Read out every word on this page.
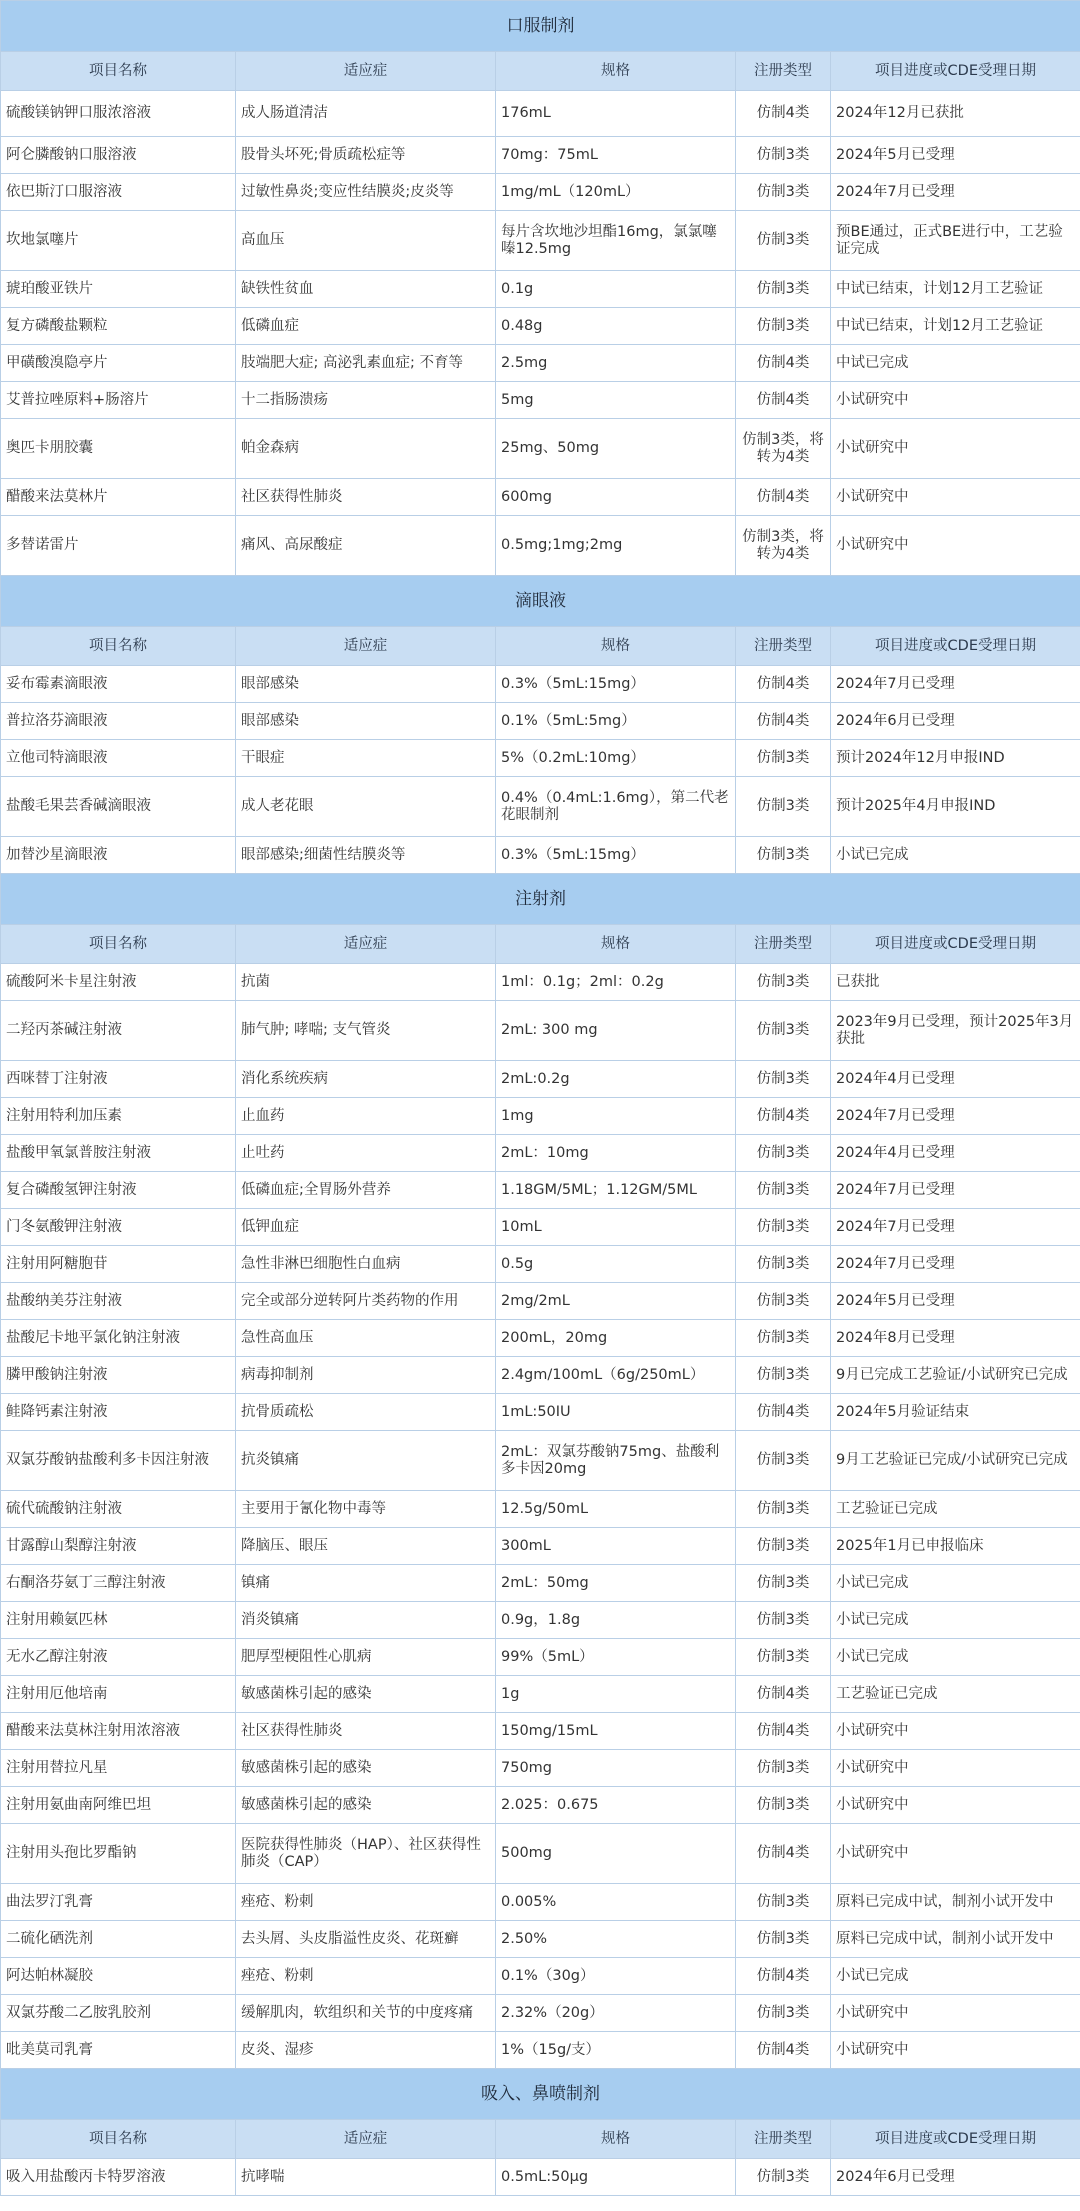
口服制剂				
项目名称	适应症	规格	注册类型	项目进度或CDE受理日期
硫酸镁钠钾口服浓溶液	成人肠道清洁	176mL	仿制4类	2024年12月已获批
阿仑膦酸钠口服溶液	股骨头坏死;骨质疏松症等	70mg：75mL	仿制3类	2024年5月已受理
依巴斯汀口服溶液	过敏性鼻炎;变应性结膜炎;皮炎等	1mg/mL（120mL）	仿制3类	2024年7月已受理
坎地氯噻片	高血压	每片含坎地沙坦酯16mg，氯氯噻嗪12.5mg	仿制3类	预BE通过，正式BE进行中，工艺验证完成
琥珀酸亚铁片	缺铁性贫血	0.1g	仿制3类	中试已结束，计划12月工艺验证
复方磷酸盐颗粒	低磷血症	0.48g	仿制3类	中试已结束，计划12月工艺验证
甲磺酸溴隐亭片	肢端肥大症; 高泌乳素血症; 不育等	2.5mg	仿制4类	中试已完成
艾普拉唑原料+肠溶片	十二指肠溃疡	5mg	仿制4类	小试研究中
奥匹卡朋胶囊	帕金森病	25mg、50mg	仿制3类，将转为4类	小试研究中
醋酸来法莫林片	社区获得性肺炎	600mg	仿制4类	小试研究中
多替诺雷片	痛风、高尿酸症	0.5mg;1mg;2mg	仿制3类，将转为4类	小试研究中
滴眼液				
项目名称	适应症	规格	注册类型	项目进度或CDE受理日期
妥布霉素滴眼液	眼部感染	0.3%（5mL:15mg）	仿制4类	2024年7月已受理
普拉洛芬滴眼液	眼部感染	0.1%（5mL:5mg）	仿制4类	2024年6月已受理
立他司特滴眼液	干眼症	5%（0.2mL:10mg）	仿制3类	预计2024年12月申报IND
盐酸毛果芸香碱滴眼液	成人老花眼	0.4%（0.4mL:1.6mg），第二代老花眼制剂	仿制3类	预计2025年4月申报IND
加替沙星滴眼液	眼部感染;细菌性结膜炎等	0.3%（5mL:15mg）	仿制3类	小试已完成
注射剂				
项目名称	适应症	规格	注册类型	项目进度或CDE受理日期
硫酸阿米卡星注射液	抗菌	1ml：0.1g；2ml：0.2g	仿制3类	已获批
二羟丙茶碱注射液	肺气肿; 哮喘; 支气管炎	2mL: 300 mg	仿制3类	2023年9月已受理，预计2025年3月获批
西咪替丁注射液	消化系统疾病	2mL:0.2g	仿制3类	2024年4月已受理
注射用特利加压素	止血药	1mg	仿制4类	2024年7月已受理
盐酸甲氧氯普胺注射液	止吐药	2mL：10mg	仿制3类	2024年4月已受理
复合磷酸氢钾注射液	低磷血症;全胃肠外营养	1.18GM/5ML；1.12GM/5ML	仿制3类	2024年7月已受理
门冬氨酸钾注射液	低钾血症	10mL	仿制3类	2024年7月已受理
注射用阿糖胞苷	急性非淋巴细胞性白血病	0.5g	仿制3类	2024年7月已受理
盐酸纳美芬注射液	完全或部分逆转阿片类药物的作用	2mg/2mL	仿制3类	2024年5月已受理
盐酸尼卡地平氯化钠注射液	急性高血压	200mL，20mg	仿制3类	2024年8月已受理
膦甲酸钠注射液	病毒抑制剂	2.4gm/100mL（6g/250mL）	仿制3类	9月已完成工艺验证/小试研究已完成
鲑降钙素注射液	抗骨质疏松	1mL:50IU	仿制4类	2024年5月验证结束
双氯芬酸钠盐酸利多卡因注射液	抗炎镇痛	2mL：双氯芬酸钠75mg、盐酸利多卡因20mg	仿制3类	9月工艺验证已完成/小试研究已完成
硫代硫酸钠注射液	主要用于氰化物中毒等	12.5g/50mL	仿制3类	工艺验证已完成
甘露醇山梨醇注射液	降脑压、眼压	300mL	仿制3类	2025年1月已申报临床
右酮洛芬氨丁三醇注射液	镇痛	2mL：50mg	仿制3类	小试已完成
注射用赖氨匹林	消炎镇痛	0.9g，1.8g	仿制3类	小试已完成
无水乙醇注射液	肥厚型梗阻性心肌病	99%（5mL）	仿制3类	小试已完成
注射用厄他培南	敏感菌株引起的感染	1g	仿制4类	工艺验证已完成
醋酸来法莫林注射用浓溶液	社区获得性肺炎	150mg/15mL	仿制4类	小试研究中
注射用替拉凡星	敏感菌株引起的感染	750mg	仿制3类	小试研究中
注射用氨曲南阿维巴坦	敏感菌株引起的感染	2.025：0.675	仿制3类	小试研究中
注射用头孢比罗酯钠	医院获得性肺炎（HAP）、社区获得性肺炎（CAP）	500mg	仿制4类	小试研究中
曲法罗汀乳膏	痤疮、粉刺	0.005%	仿制3类	原料已完成中试，制剂小试开发中
二硫化硒洗剂	去头屑、头皮脂溢性皮炎、花斑癣	2.50%	仿制3类	原料已完成中试，制剂小试开发中
阿达帕林凝胶	痤疮、粉刺	0.1%（30g）	仿制4类	小试已完成
双氯芬酸二乙胺乳胶剂	缓解肌肉，软组织和关节的中度疼痛	2.32%（20g）	仿制3类	小试研究中
吡美莫司乳膏	皮炎、湿疹	1%（15g/支）	仿制4类	小试研究中
吸入、鼻喷制剂				
项目名称	适应症	规格	注册类型	项目进度或CDE受理日期
吸入用盐酸丙卡特罗溶液	抗哮喘	0.5mL:50μg	仿制3类	2024年6月已受理
